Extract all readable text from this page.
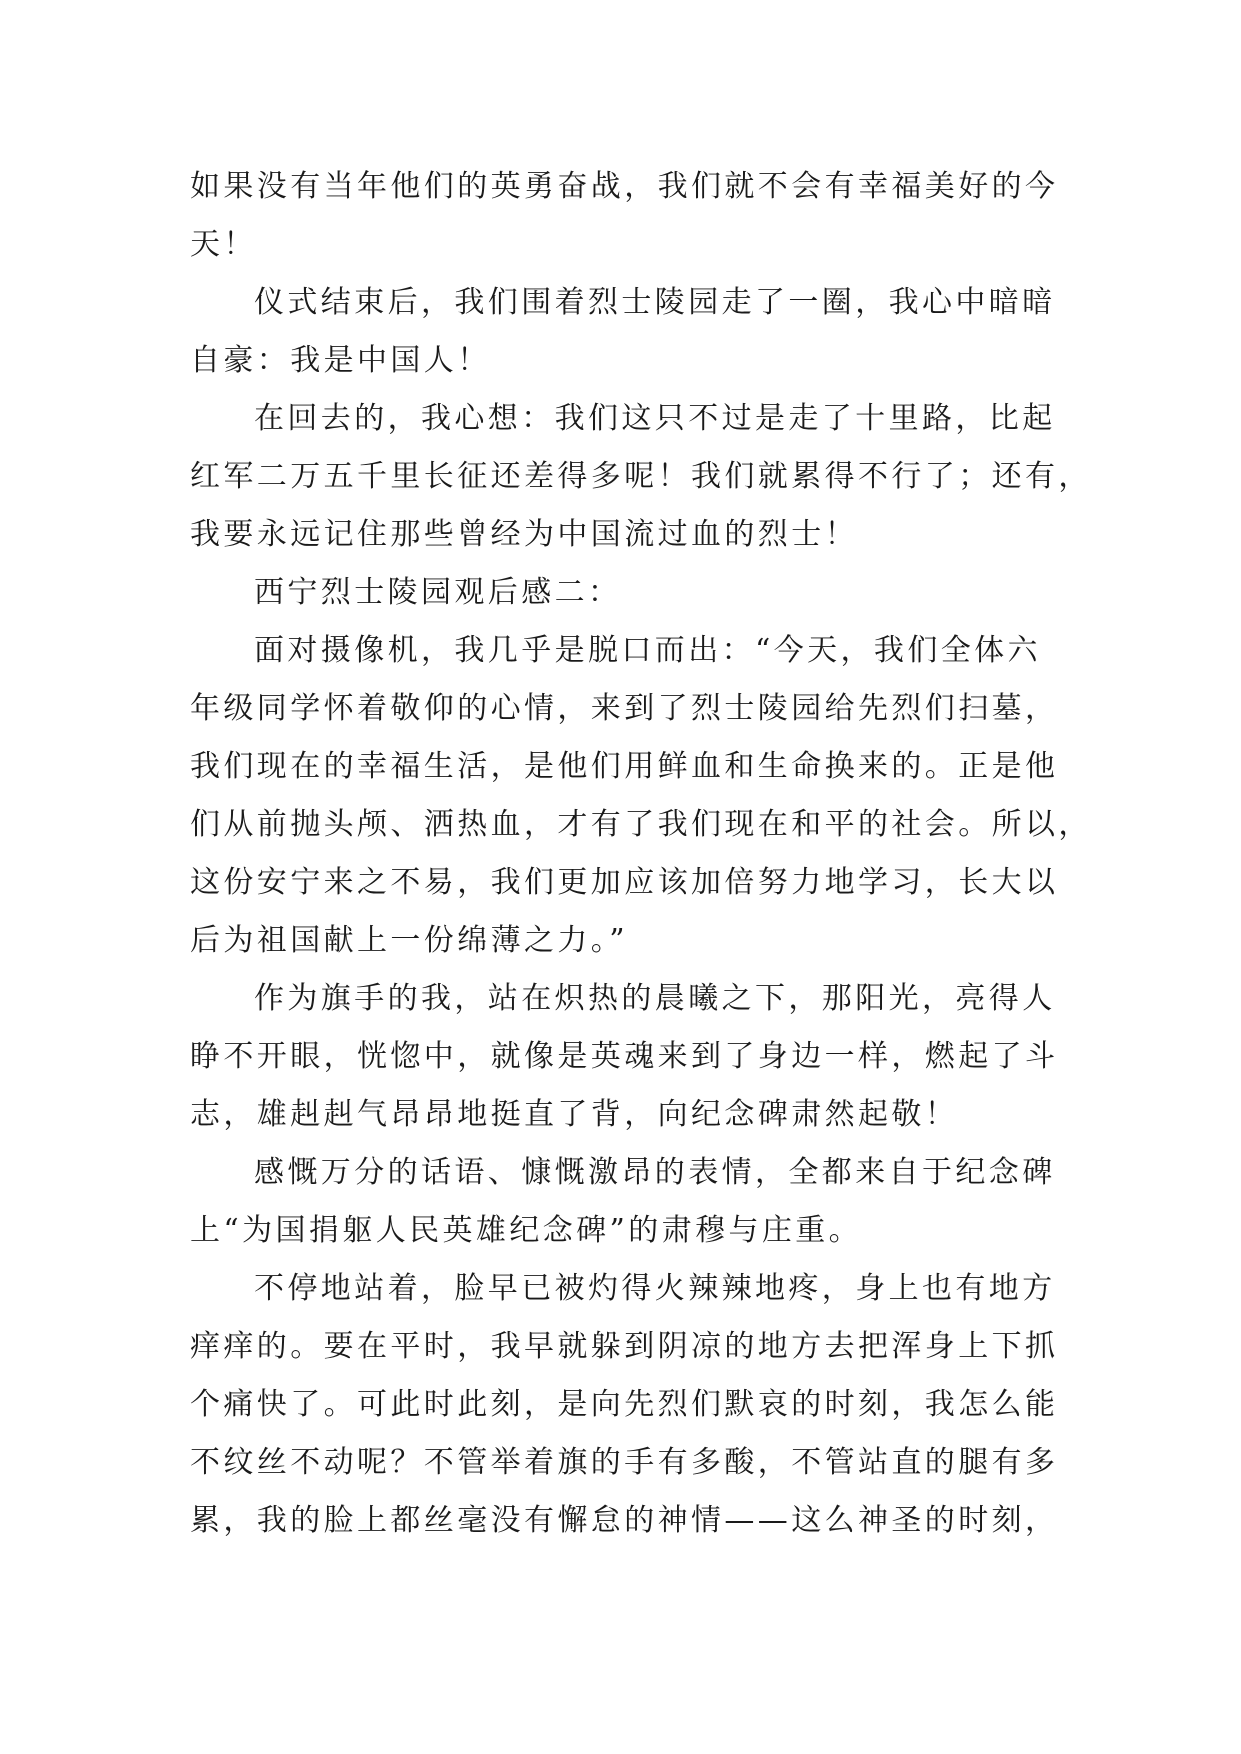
如果没有当年他们的英勇奋战，我们就不会有幸福美好的今
天！
仪式结束后，我们围着烈士陵园走了一圈，我心中暗暗
自豪：我是中国人！
在回去的，我心想：我们这只不过是走了十里路，比起
红军二万五千里长征还差得多呢！我们就累得不行了；还有，
我要永远记住那些曾经为中国流过血的烈士！
西宁烈士陵园观后感二：
面对摄像机，我几乎是脱口而出：“今天，我们全体六
年级同学怀着敬仰的心情，来到了烈士陵园给先烈们扫墓，
我们现在的幸福生活，是他们用鲜血和生命换来的。正是他
们从前抛头颅、洒热血，才有了我们现在和平的社会。所以，
这份安宁来之不易，我们更加应该加倍努力地学习，长大以
后为祖国献上一份绵薄之力。”
作为旗手的我，站在炽热的晨曦之下，那阳光，亮得人
睁不开眼，恍惚中，就像是英魂来到了身边一样，燃起了斗
志，雄赳赳气昂昂地挺直了背，向纪念碑肃然起敬！
感慨万分的话语、慷慨激昂的表情，全都来自于纪念碑
上“为国捐躯人民英雄纪念碑”的肃穆与庄重。
不停地站着，脸早已被灼得火辣辣地疼，身上也有地方
痒痒的。要在平时，我早就躲到阴凉的地方去把浑身上下抓
个痛快了。可此时此刻，是向先烈们默哀的时刻，我怎么能
不纹丝不动呢？不管举着旗的手有多酸，不管站直的腿有多
累，我的脸上都丝毫没有懈怠的神情——这么神圣的时刻，
